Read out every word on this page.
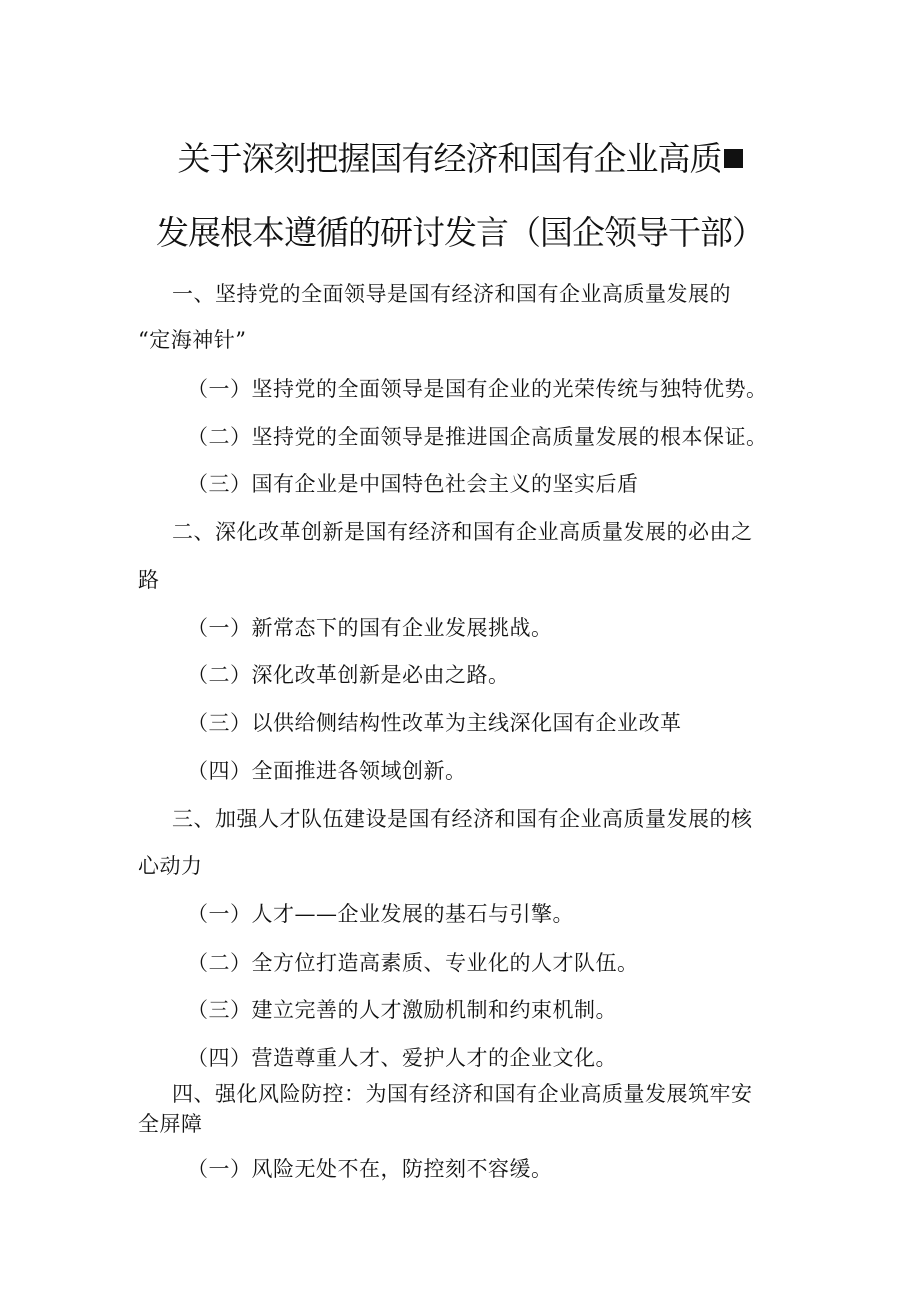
关于深刻把握国有经济和国有企业高质
发展根本遵循的研讨发言（国企领导干部）

一、坚持党的全面领导是国有经济和国有企业高质量发展的

“定海神针”

（一）坚持党的全面领导是国有企业的光荣传统与独特优势。

（二）坚持党的全面领导是推进国企高质量发展的根本保证。

（三）国有企业是中国特色社会主义的坚实后盾

二、深化改革创新是国有经济和国有企业高质量发展的必由之

路

（一）新常态下的国有企业发展挑战。

（二）深化改革创新是必由之路。

（三）以供给侧结构性改革为主线深化国有企业改革

（四）全面推进各领域创新。

三、加强人才队伍建设是国有经济和国有企业高质量发展的核

心动力

（一）人才——企业发展的基石与引擎。

（二）全方位打造高素质、专业化的人才队伍。

（三）建立完善的人才激励机制和约束机制。

（四）营造尊重人才、爱护人才的企业文化。

四、强化风险防控：为国有经济和国有企业高质量发展筑牢安

全屏障

（一）风险无处不在，防控刻不容缓。
